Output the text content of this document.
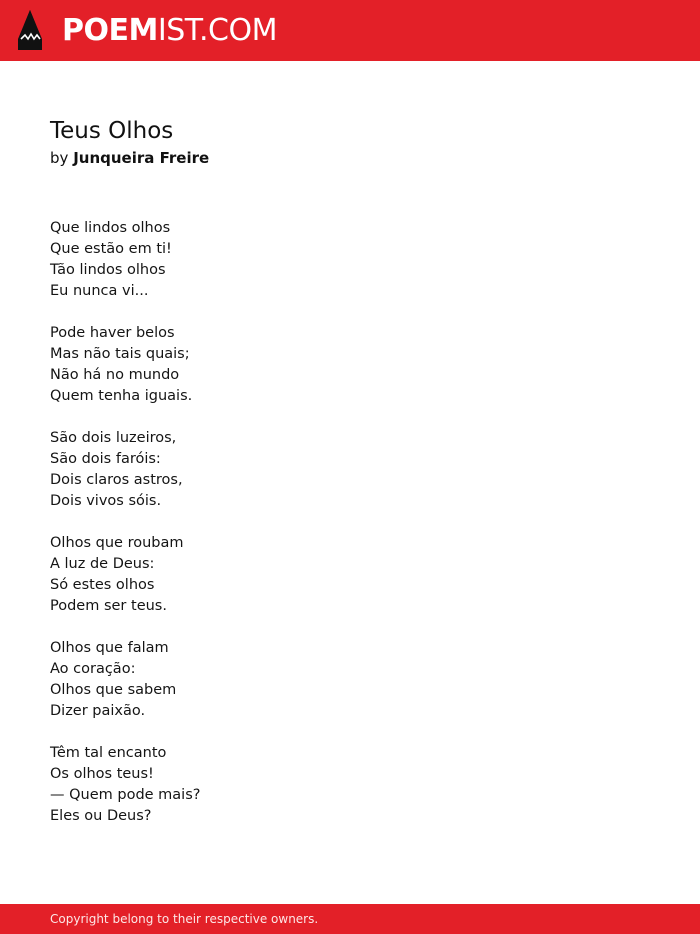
POEMIST.COM
Teus Olhos
by Junqueira Freire
Que lindos olhos
Que estão em ti!
Tão lindos olhos
Eu nunca vi...
Pode haver belos
Mas não tais quais;
Não há no mundo
Quem tenha iguais.
São dois luzeiros,
São dois faróis:
Dois claros astros,
Dois vivos sóis.
Olhos que roubam
A luz de Deus:
Só estes olhos
Podem ser teus.
Olhos que falam
Ao coração:
Olhos que sabem
Dizer paixão.
Têm tal encanto
Os olhos teus!
— Quem pode mais?
Eles ou Deus?
Copyright belong to their respective owners.
